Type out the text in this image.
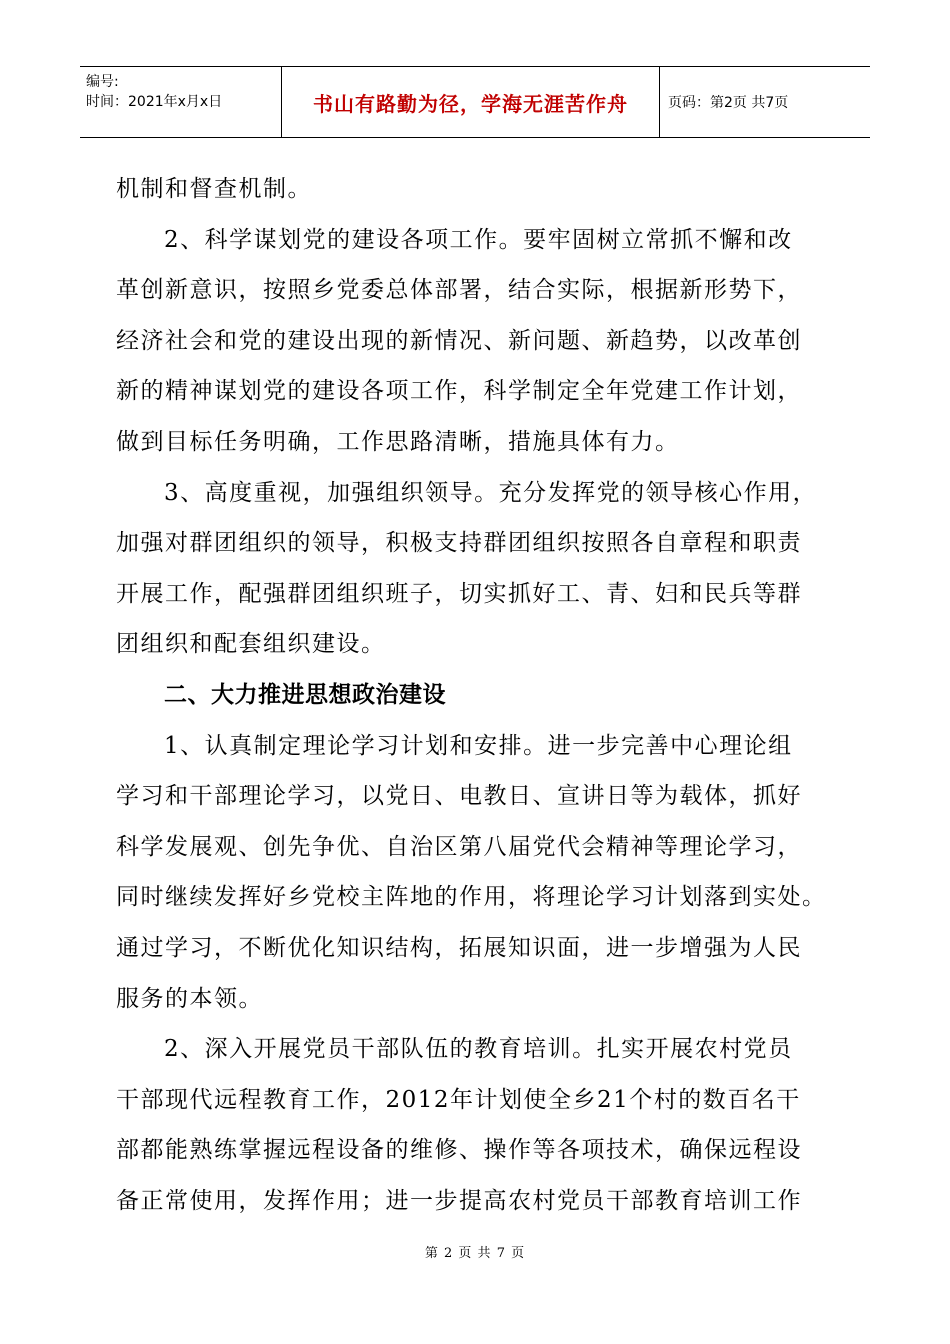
编号:
时间：2021年x月x日	书山有路勤为径，学海无涯苦作舟	页码：第2页 共7页
机制和督查机制。
2、科学谋划党的建设各项工作。要牢固树立常抓不懈和改
革创新意识，按照乡党委总体部署，结合实际，根据新形势下，
经济社会和党的建设出现的新情况、新问题、新趋势，以改革创
新的精神谋划党的建设各项工作，科学制定全年党建工作计划，
做到目标任务明确，工作思路清晰，措施具体有力。
3、高度重视，加强组织领导。充分发挥党的领导核心作用，
加强对群团组织的领导，积极支持群团组织按照各自章程和职责
开展工作，配强群团组织班子，切实抓好工、青、妇和民兵等群
团组织和配套组织建设。
二、大力推进思想政治建设
1、认真制定理论学习计划和安排。进一步完善中心理论组
学习和干部理论学习，以党日、电教日、宣讲日等为载体，抓好
科学发展观、创先争优、自治区第八届党代会精神等理论学习，
同时继续发挥好乡党校主阵地的作用，将理论学习计划落到实处。
通过学习，不断优化知识结构，拓展知识面，进一步增强为人民
服务的本领。
2、深入开展党员干部队伍的教育培训。扎实开展农村党员
干部现代远程教育工作，2012年计划使全乡21个村的数百名干
部都能熟练掌握远程设备的维修、操作等各项技术，确保远程设
备正常使用，发挥作用；进一步提高农村党员干部教育培训工作
第 2 页 共 7 页
